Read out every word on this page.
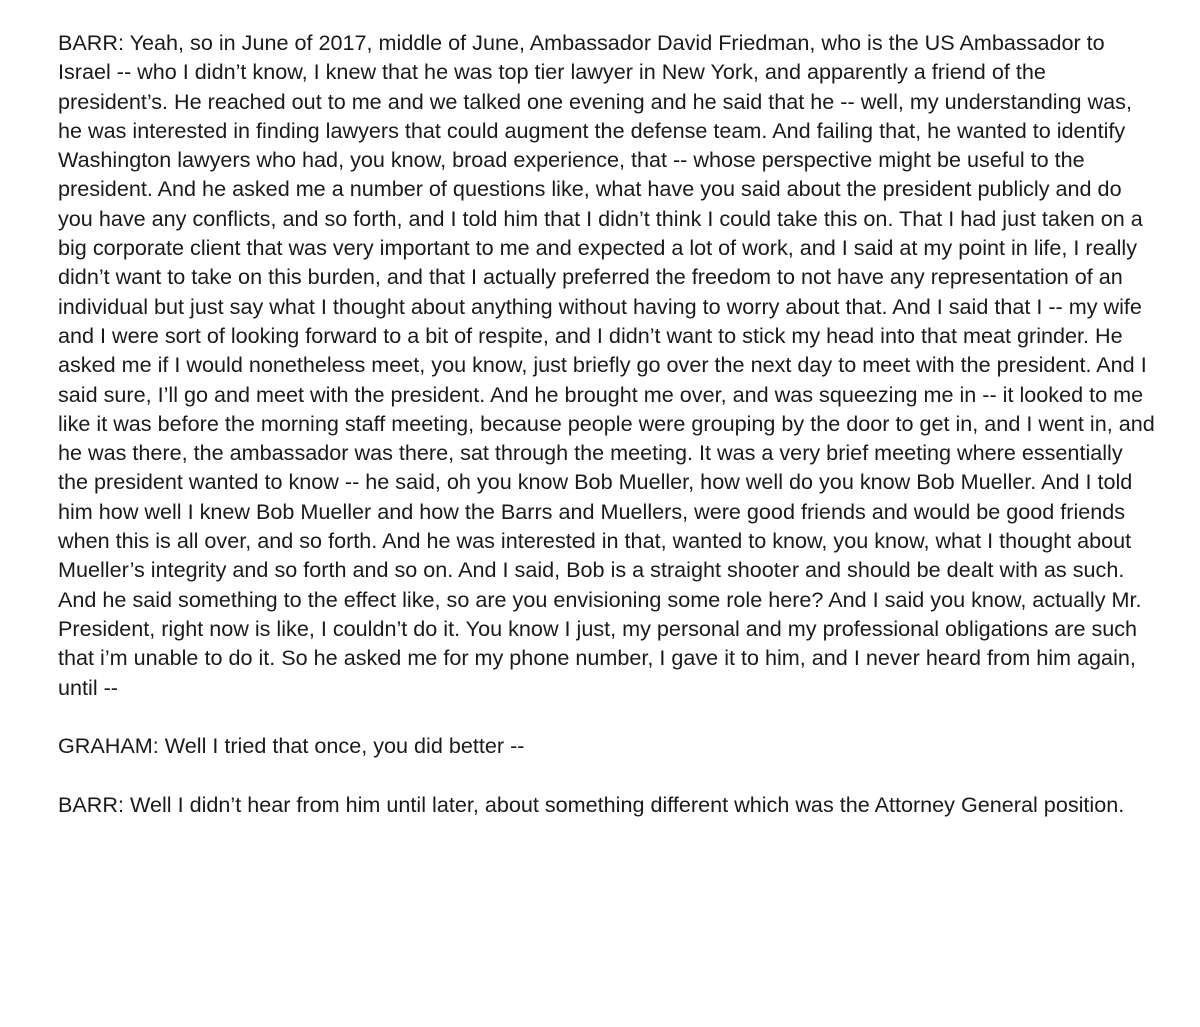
BARR: Yeah, so in June of 2017, middle of June, Ambassador David Friedman, who is the US Ambassador to Israel -- who I didn’t know, I knew that he was top tier lawyer in New York, and apparently a friend of the president’s. He reached out to me and we talked one evening and he said that he -- well, my understanding was, he was interested in finding lawyers that could augment the defense team. And failing that, he wanted to identify Washington lawyers who had, you know, broad experience, that -- whose perspective might be useful to the president. And he asked me a number of questions like, what have you said about the president publicly and do you have any conflicts, and so forth, and I told him that I didn’t think I could take this on. That I had just taken on a big corporate client that was very important to me and expected a lot of work, and I said at my point in life, I really didn’t want to take on this burden, and that I actually preferred the freedom to not have any representation of an individual but just say what I thought about anything without having to worry about that. And I said that I -- my wife and I were sort of looking forward to a bit of respite, and I didn’t want to stick my head into that meat grinder. He asked me if I would nonetheless meet, you know, just briefly go over the next day to meet with the president. And I said sure, I’ll go and meet with the president. And he brought me over, and was squeezing me in -- it looked to me like it was before the morning staff meeting, because people were grouping by the door to get in, and I went in, and he was there, the ambassador was there, sat through the meeting. It was a very brief meeting where essentially the president wanted to know -- he said, oh you know Bob Mueller, how well do you know Bob Mueller. And I told him how well I knew Bob Mueller and how the Barrs and Muellers, were good friends and would be good friends when this is all over, and so forth. And he was interested in that, wanted to know, you know, what I thought about Mueller’s integrity and so forth and so on. And I said, Bob is a straight shooter and should be dealt with as such. And he said something to the effect like, so are you envisioning some role here? And I said you know, actually Mr. President, right now is like, I couldn’t do it. You know I just, my personal and my professional obligations are such that i’m unable to do it. So he asked me for my phone number, I gave it to him, and I never heard from him again, until --

GRAHAM: Well I tried that once, you did better --

BARR: Well I didn’t hear from him until later, about something different which was the Attorney General position.
